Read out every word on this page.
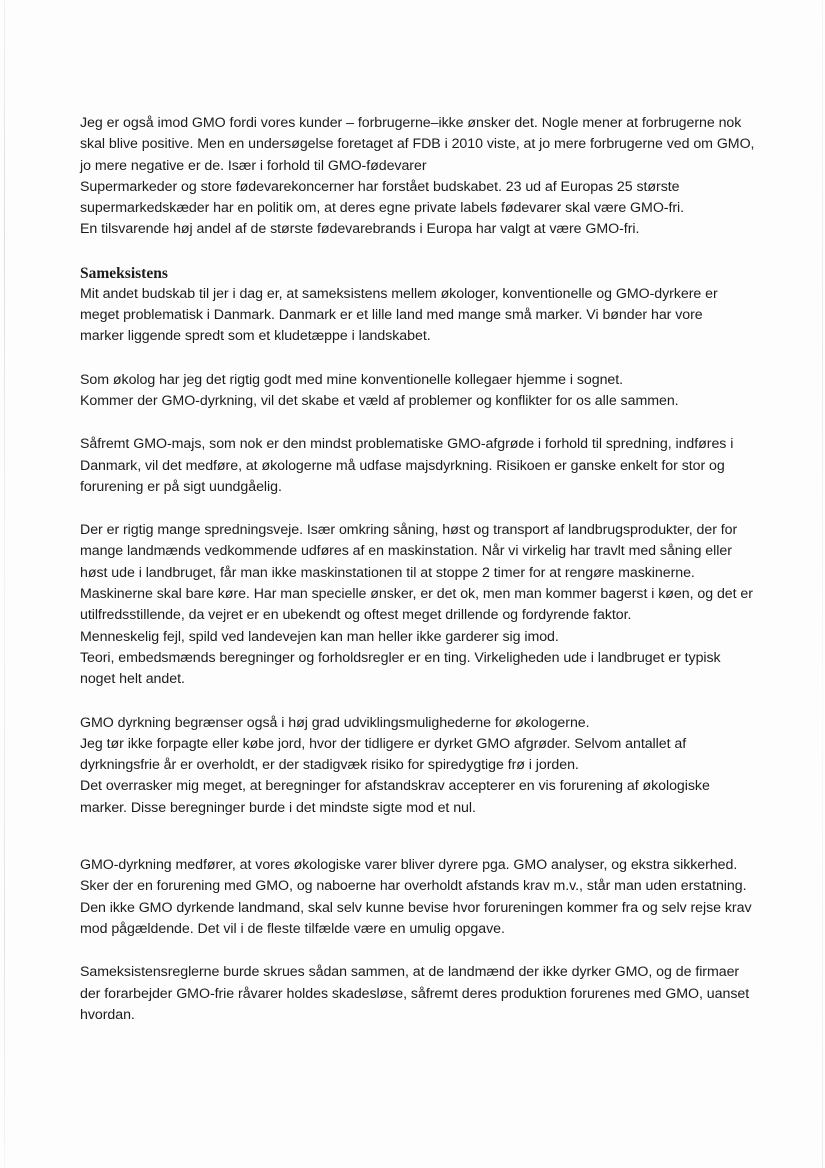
Jeg er også imod GMO fordi vores kunder – forbrugerne–ikke ønsker det. Nogle mener at forbrugerne nok
skal blive positive. Men en undersøgelse foretaget af FDB i 2010 viste, at jo mere forbrugerne ved om GMO,
jo mere negative er de. Især i forhold til GMO-fødevarer
Supermarkeder og store fødevarekoncerner har forstået budskabet. 23 ud af Europas 25 største
supermarkedskæder har en politik om, at deres egne private labels fødevarer skal være GMO-fri.
En tilsvarende høj andel af de største fødevarebrands i Europa har valgt at være GMO-fri.

Sameksistens

Mit andet budskab til jer i dag er, at sameksistens mellem økologer, konventionelle og GMO-dyrkere er
meget problematisk i Danmark. Danmark er et lille land med mange små marker. Vi bønder har vore
marker liggende spredt som et kludetæppe i landskabet.

Som økolog har jeg det rigtig godt med mine konventionelle kollegaer hjemme i sognet.
Kommer der GMO-dyrkning, vil det skabe et væld af problemer og konflikter for os alle sammen.

Såfremt GMO-majs, som nok er den mindst problematiske GMO-afgrøde i forhold til spredning, indføres i
Danmark, vil det medføre, at økologerne må udfase majsdyrkning. Risikoen er ganske enkelt for stor og
forurening er på sigt uundgåelig.

Der er rigtig mange spredningsveje. Især omkring såning, høst og transport af landbrugsprodukter, der for
mange landmænds vedkommende udføres af en maskinstation. Når vi virkelig har travlt med såning eller
høst ude i landbruget, får man ikke maskinstationen til at stoppe 2 timer for at rengøre maskinerne.
Maskinerne skal bare køre. Har man specielle ønsker, er det ok, men man kommer bagerst i køen, og det er
utilfredsstillende, da vejret er en ubekendt og oftest meget drillende og fordyrende faktor.
Menneskelig fejl, spild ved landevejen kan man heller ikke garderer sig imod.
Teori, embedsmænds beregninger og forholdsregler er en ting. Virkeligheden ude i landbruget er typisk
noget helt andet.

GMO dyrkning begrænser også i høj grad udviklingsmulighederne for økologerne.
Jeg tør ikke forpagte eller købe jord, hvor der tidligere er dyrket GMO afgrøder. Selvom antallet af
dyrkningsfrie år er overholdt, er der stadigvæk risiko for spiredygtige frø i jorden.
Det overrasker mig meget, at beregninger for afstandskrav accepterer en vis forurening af økologiske
marker. Disse beregninger burde i det mindste sigte mod et nul.

GMO-dyrkning medfører, at vores økologiske varer bliver dyrere pga. GMO analyser, og ekstra sikkerhed.
Sker der en forurening med GMO, og naboerne har overholdt afstands krav m.v., står man uden erstatning.
Den ikke GMO dyrkende landmand, skal selv kunne bevise hvor forureningen kommer fra og selv rejse krav
mod pågældende. Det vil i de fleste tilfælde være en umulig opgave.

Sameksistensreglerne burde skrues sådan sammen, at de landmænd der ikke dyrker GMO, og de firmaer
der forarbejder GMO-frie råvarer holdes skadesløse, såfremt deres produktion forurenes med GMO, uanset
hvordan.
